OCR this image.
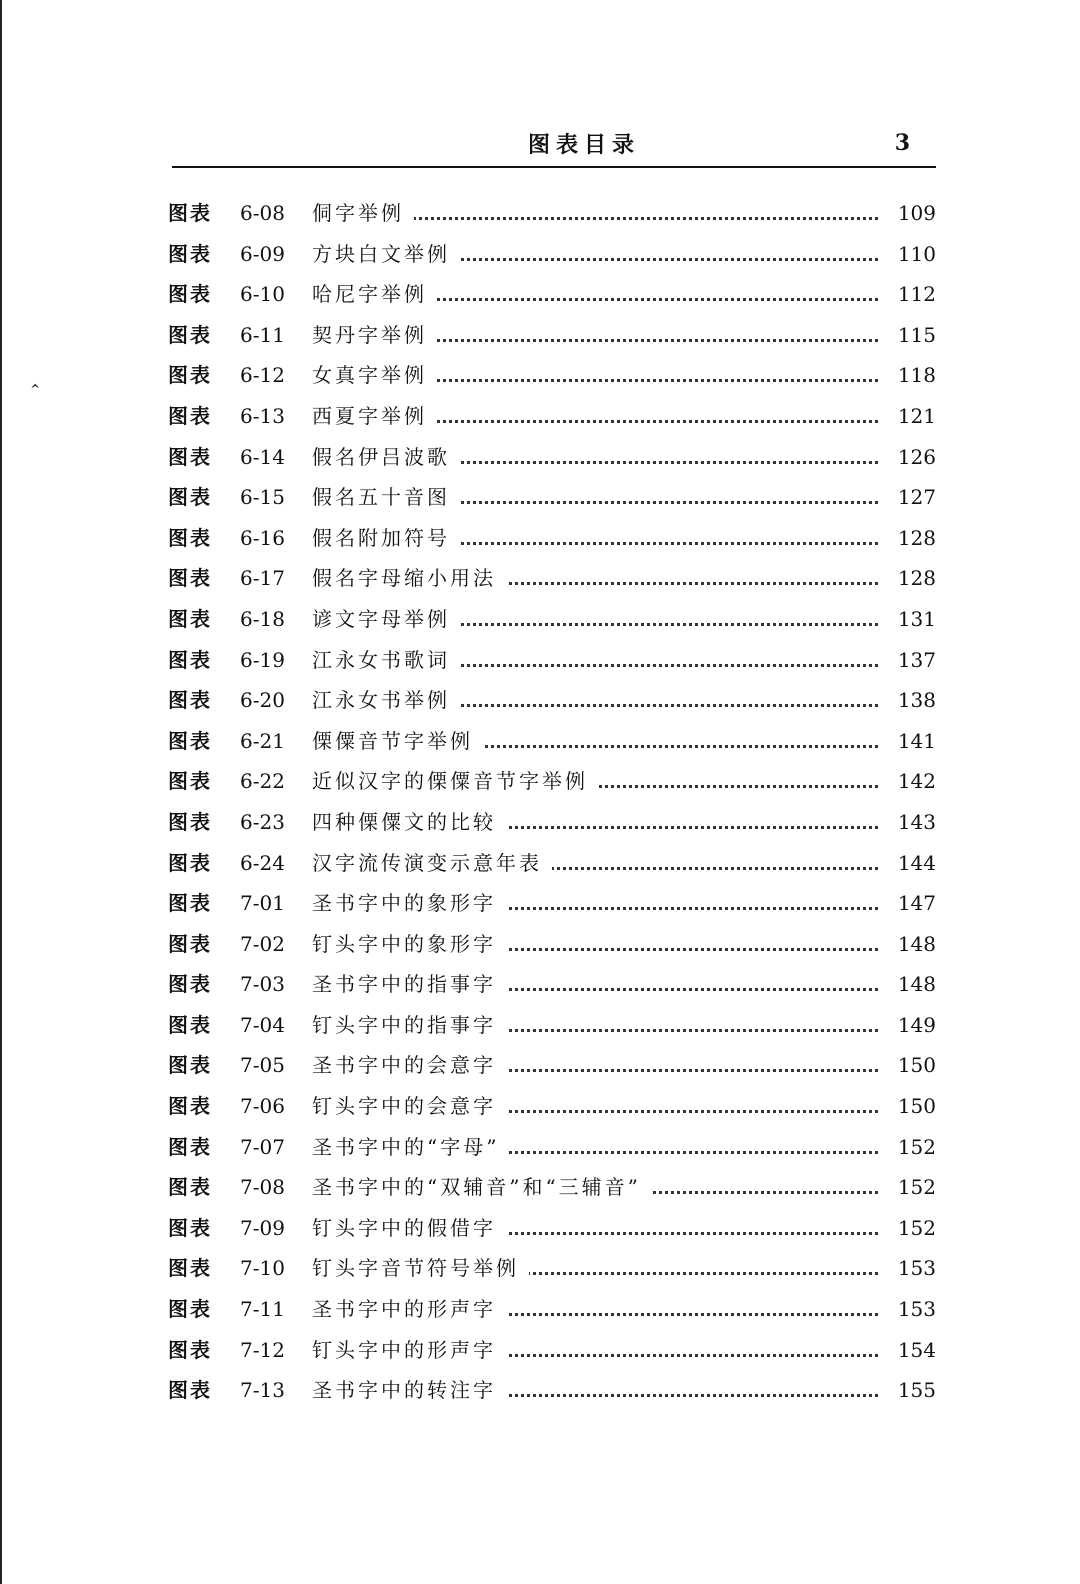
‸
图表目录	3
图表 6-08 侗字举例	109
图表 6-09 方块白文举例	110
图表 6-10 哈尼字举例	112
图表 6-11 契丹字举例	115
图表 6-12 女真字举例	118
图表 6-13 西夏字举例	121
图表 6-14 假名伊吕波歌	126
图表 6-15 假名五十音图	127
图表 6-16 假名附加符号	128
图表 6-17 假名字母缩小用法	128
图表 6-18 谚文字母举例	131
图表 6-19 江永女书歌词	137
图表 6-20 江永女书举例	138
图表 6-21 傈僳音节字举例	141
图表 6-22 近似汉字的傈僳音节字举例	142
图表 6-23 四种傈僳文的比较	143
图表 6-24 汉字流传演变示意年表	144
图表 7-01 圣书字中的象形字	147
图表 7-02 钉头字中的象形字	148
图表 7-03 圣书字中的指事字	148
图表 7-04 钉头字中的指事字	149
图表 7-05 圣书字中的会意字	150
图表 7-06 钉头字中的会意字	150
图表 7-07 圣书字中的“字母”	152
图表 7-08 圣书字中的“双辅音”和“三辅音”	152
图表 7-09 钉头字中的假借字	152
图表 7-10 钉头字音节符号举例	153
图表 7-11 圣书字中的形声字	153
图表 7-12 钉头字中的形声字	154
图表 7-13 圣书字中的转注字	155
